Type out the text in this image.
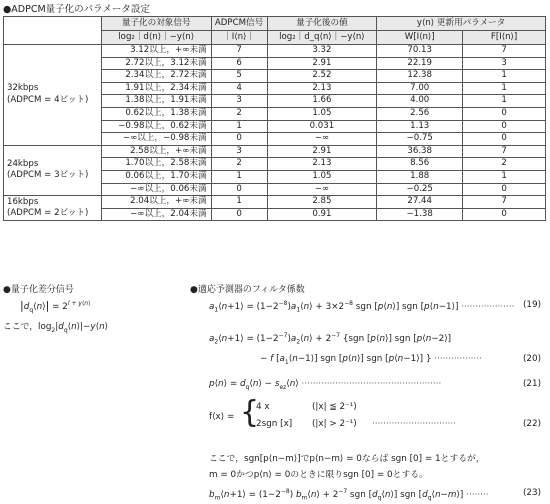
●ADPCM量子化のパラメータ設定
	量子化の対象信号	ADPCM信号	量子化後の値	y⟨n⟩ 更新用パラメータ	
	log₂｜d⟨n⟩｜−y⟨n⟩	｜I⟨n⟩｜	log₂｜d_q⟨n⟩｜−y⟨n⟩	W[I⟨n⟩]	F[I⟨n⟩]

32kbps
(ADPCM = 4ビット)	3.12以上，+∞未満	7	3.32	70.13	7
	2.72以上，3.12未満	6	2.91	22.19	3
	2.34以上，2.72未満	5	2.52	12.38	1
	1.91以上，2.34未満	4	2.13	7.00	1
	1.38以上，1.91未満	3	1.66	4.00	1
	0.62以上，1.38未満	2	1.05	2.56	0
	−0.98以上，0.62未満	1	0.031	1.13	0
	−∞以上，−0.98未満	0	−∞	−0.75	0

24kbps
(ADPCM = 3ビット)	2.58以上，+∞未満	3	2.91	36.38	7
	1.70以上，2.58未満	2	2.13	8.56	2
	0.06以上，1.70未満	1	1.05	1.88	1
	−∞以上，0.06未満	0	−∞	−0.25	0

16kbps
(ADPCM = 2ビット)	2.04以上，+∞未満	1	2.85	27.44	7
	−∞以上，2.04未満	0	0.91	−1.38	0
●量子化差分信号
$|d_q⟨n⟩| = 2^{l + y⟨n⟩}$
ここで，$\log_2|d_q⟨n⟩|-y⟨n⟩$
●適応予測器のフィルタ係数
$a_1⟨n+1⟩$ = $(1-2^{-8})a_1⟨n⟩ + 3\times 2^{-8}$ sgn [p⟨n⟩] sgn [p⟨n−1⟩] ··················· (19)
$a_2⟨n+1⟩$ = $(1-2^{-7})a_2⟨n⟩ + 2^{-7}$ {sgn [p⟨n⟩] sgn [p⟨n−2⟩]
− f $[a_1⟨n-1⟩]$ sgn [p⟨n⟩] sgn [p⟨n−1⟩] } ·················	(20)
p⟨n⟩ = $d_q⟨n⟩$ − $s_{ez}⟨n⟩$ ··················································	(21)
f⟨x⟩ = {
4 x
2sgn [x]
(|x| ≦ 2⁻¹)
(|x| > 2⁻¹) ······························	(22)
ここで，sgn[p⟨n−m⟩]でp⟨n−m⟩ = 0ならば sgn [0] = 1とするが，
m = 0かつp⟨n⟩ = 0のときに限りsgn [0] = 0とする。
$b_m⟨n+1⟩ = (1-2^{-8})$ $b_m⟨n⟩ + 2^{-7}$ sgn $[d_q⟨n⟩]$ sgn $[d_q⟨n-m⟩]$ ········	(23)
